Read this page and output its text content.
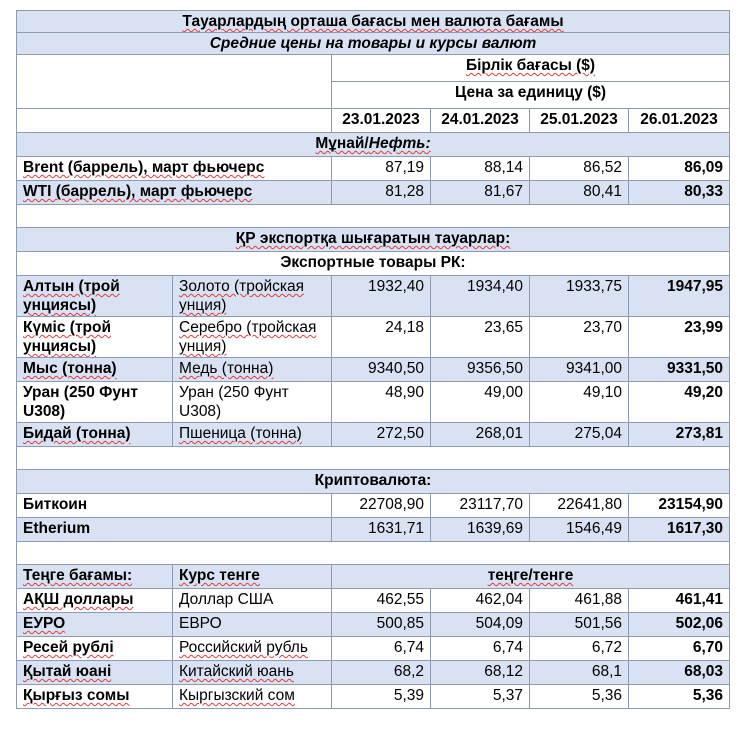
Тауарлардың орташа бағасы мен валюта бағамы					
Средние цены на товары и курсы валют					
		Бірлік бағасы ($)			
		Цена за единицу ($)			
		23.01.2023	24.01.2023	25.01.2023	26.01.2023
Мұнай/Нефть:					
Brent (баррель), март фьючерс		87,19	88,14	86,52	86,09
WTI (баррель), март фьючерс		81,28	81,67	80,41	80,33

ҚР экспортқа шығаратын тауарлар:					
Экспортные товары РК:					
Алтын (трой унциясы)	Золото (тройская унция)	1932,40	1934,40	1933,75	1947,95
Күміс (трой унциясы)	Серебро (тройская унция)	24,18	23,65	23,70	23,99
Мыс (тонна)	Медь (тонна)	9340,50	9356,50	9341,00	9331,50
Уран (250 Фунт U308)	Уран (250 Фунт U308)	48,90	49,00	49,10	49,20
Бидай (тонна)	Пшеница (тонна)	272,50	268,01	275,04	273,81

Криптовалюта:					
Биткоин		22708,90	23117,70	22641,80	23154,90
Etherium		1631,71	1639,69	1546,49	1617,30

Теңге бағамы:	Курс тенге	теңге/тенге			
АҚШ доллары	Доллар США	462,55	462,04	461,88	461,41
ЕУРО	ЕВРО	500,85	504,09	501,56	502,06
Ресей рублі	Российский рубль	6,74	6,74	6,72	6,70
Қытай юані	Китайский юань	68,2	68,12	68,1	68,03
Қырғыз сомы	Кыргызский сом	5,39	5,37	5,36	5,36
